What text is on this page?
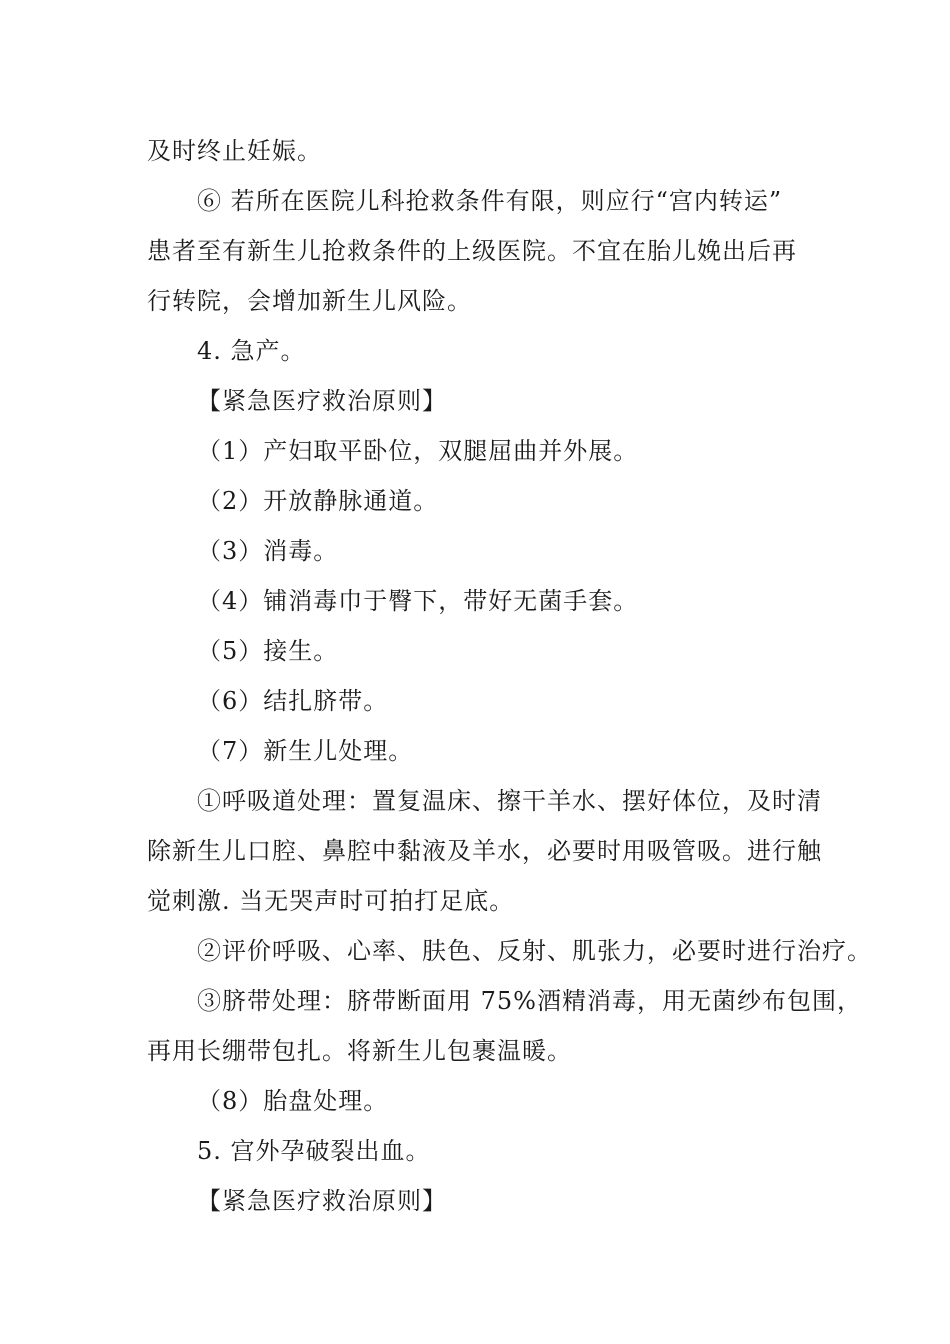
及时终止妊娠。
⑥ 若所在医院儿科抢救条件有限，则应行“宫内转运”
患者至有新生儿抢救条件的上级医院。不宜在胎儿娩出后再
行转院，会增加新生儿风险。
4. 急产。
【紧急医疗救治原则】
（1）产妇取平卧位，双腿屈曲并外展。
（2）开放静脉通道。
（3）消毒。
（4）铺消毒巾于臀下，带好无菌手套。
（5）接生。
（6）结扎脐带。
（7）新生儿处理。
①呼吸道处理：置复温床、擦干羊水、摆好体位，及时清
除新生儿口腔、鼻腔中黏液及羊水，必要时用吸管吸。进行触
觉刺激. 当无哭声时可拍打足底。
②评价呼吸、心率、肤色、反射、肌张力，必要时进行治疗。
③脐带处理：脐带断面用 75%酒精消毒，用无菌纱布包围，
再用长绷带包扎。将新生儿包裹温暖。
（8）胎盘处理。
5. 宫外孕破裂出血。
【紧急医疗救治原则】
